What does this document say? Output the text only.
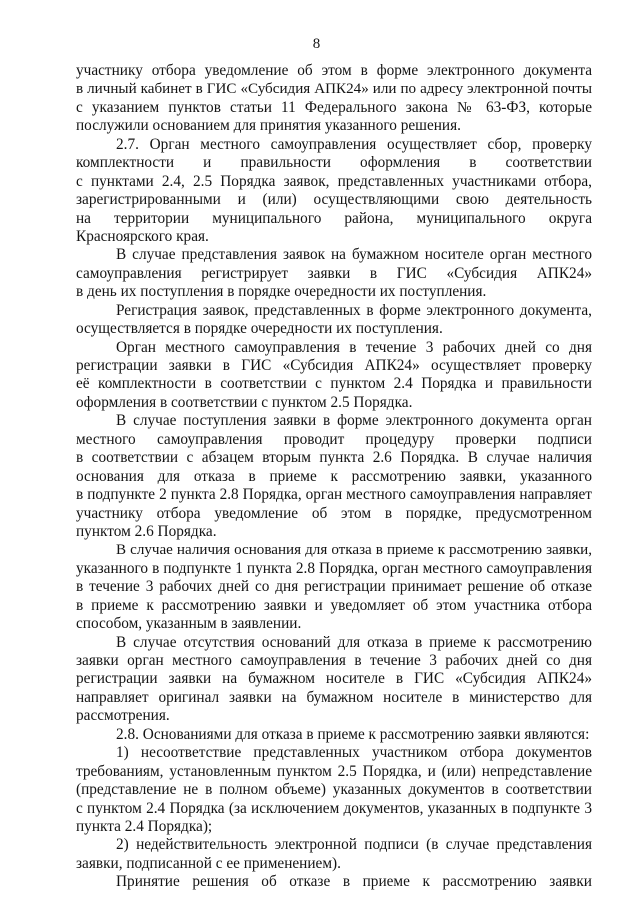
8
участнику отбора уведомление об этом в форме электронного документа
в личный кабинет в ГИС «Субсидия АПК24» или по адресу электронной почты
с указанием пунктов статьи 11 Федерального закона № 63-ФЗ, которые
послужили основанием для принятия указанного решения.
2.7. Орган местного самоуправления осуществляет сбор, проверку
комплектности и правильности оформления в соответствии
с пунктами 2.4, 2.5 Порядка заявок, представленных участниками отбора,
зарегистрированными и (или) осуществляющими свою деятельность
на территории муниципального района, муниципального округа
Красноярского края.
В случае представления заявок на бумажном носителе орган местного
самоуправления регистрирует заявки в ГИС «Субсидия АПК24»
в день их поступления в порядке очередности их поступления.
Регистрация заявок, представленных в форме электронного документа,
осуществляется в порядке очередности их поступления.
Орган местного самоуправления в течение 3 рабочих дней со дня
регистрации заявки в ГИС «Субсидия АПК24» осуществляет проверку
её комплектности в соответствии с пунктом 2.4 Порядка и правильности
оформления в соответствии с пунктом 2.5 Порядка.
В случае поступления заявки в форме электронного документа орган
местного самоуправления проводит процедуру проверки подписи
в соответствии с абзацем вторым пункта 2.6 Порядка. В случае наличия
основания для отказа в приеме к рассмотрению заявки, указанного
в подпункте 2 пункта 2.8 Порядка, орган местного самоуправления направляет
участнику отбора уведомление об этом в порядке, предусмотренном
пунктом 2.6 Порядка.
В случае наличия основания для отказа в приеме к рассмотрению заявки,
указанного в подпункте 1 пункта 2.8 Порядка, орган местного самоуправления
в течение 3 рабочих дней со дня регистрации принимает решение об отказе
в приеме к рассмотрению заявки и уведомляет об этом участника отбора
способом, указанным в заявлении.
В случае отсутствия оснований для отказа в приеме к рассмотрению
заявки орган местного самоуправления в течение 3 рабочих дней со дня
регистрации заявки на бумажном носителе в ГИС «Субсидия АПК24»
направляет оригинал заявки на бумажном носителе в министерство для
рассмотрения.
2.8. Основаниями для отказа в приеме к рассмотрению заявки являются:
1) несоответствие представленных участником отбора документов
требованиям, установленным пунктом 2.5 Порядка, и (или) непредставление
(представление не в полном объеме) указанных документов в соответствии
с пунктом 2.4 Порядка (за исключением документов, указанных в подпункте 3
пункта 2.4 Порядка);
2) недействительность электронной подписи (в случае представления
заявки, подписанной с ее применением).
Принятие решения об отказе в приеме к рассмотрению заявки
